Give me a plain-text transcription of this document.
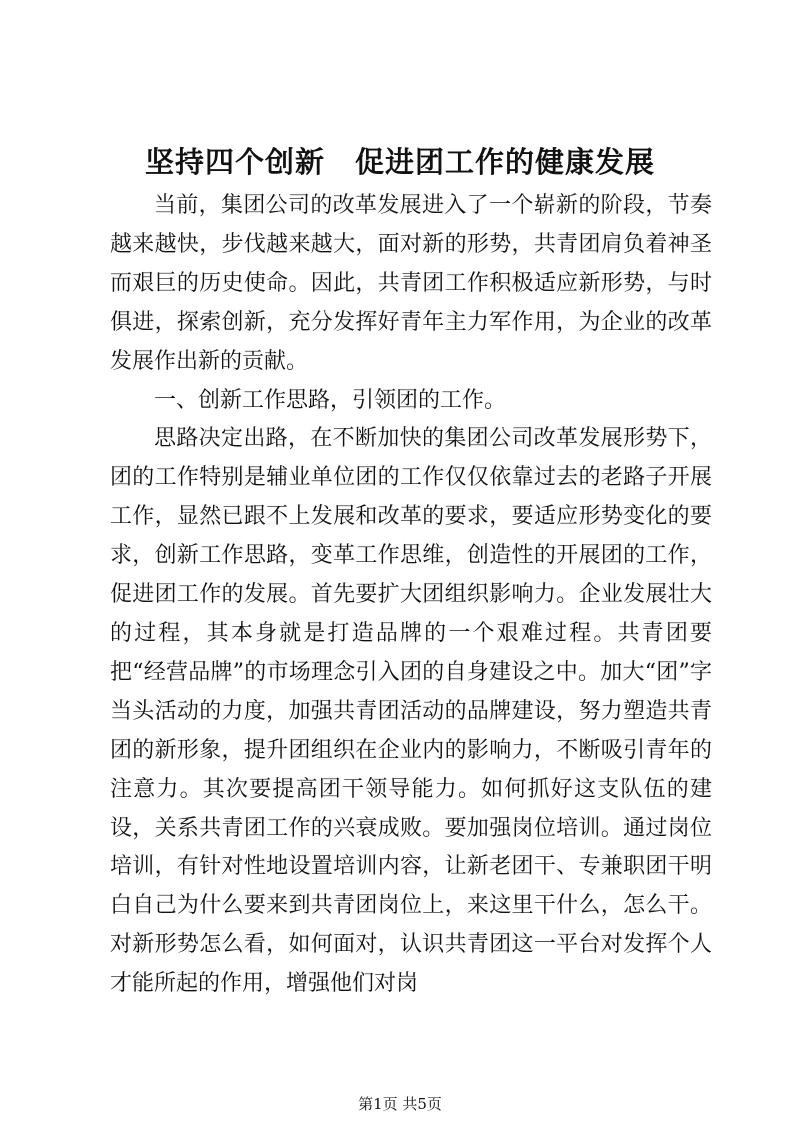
坚持四个创新　促进团工作的健康发展

当前，集团公司的改革发展进入了一个崭新的阶段，节奏越来越快，步伐越来越大，面对新的形势，共青团肩负着神圣而艰巨的历史使命。因此，共青团工作积极适应新形势，与时俱进，探索创新，充分发挥好青年主力军作用，为企业的改革发展作出新的贡献。

一、创新工作思路，引领团的工作。

思路决定出路，在不断加快的集团公司改革发展形势下，团的工作特别是辅业单位团的工作仅仅依靠过去的老路子开展工作，显然已跟不上发展和改革的要求，要适应形势变化的要求，创新工作思路，变革工作思维，创造性的开展团的工作，促进团工作的发展。首先要扩大团组织影响力。企业发展壮大的过程，其本身就是打造品牌的一个艰难过程。共青团要把“经营品牌”的市场理念引入团的自身建设之中。加大“团”字当头活动的力度，加强共青团活动的品牌建设，努力塑造共青团的新形象，提升团组织在企业内的影响力，不断吸引青年的注意力。其次要提高团干领导能力。如何抓好这支队伍的建设，关系共青团工作的兴衰成败。要加强岗位培训。通过岗位培训，有针对性地设置培训内容，让新老团干、专兼职团干明白自己为什么要来到共青团岗位上，来这里干什么，怎么干。对新形势怎么看，如何面对，认识共青团这一平台对发挥个人才能所起的作用，增强他们对岗

第1页 共5页
